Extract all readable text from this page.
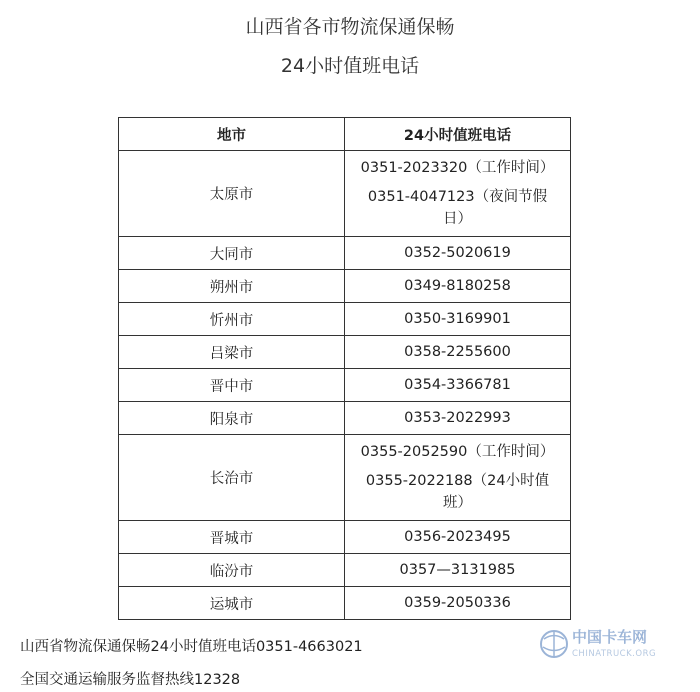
山西省各市物流保通保畅
24小时值班电话
地市	24小时值班电话
太原市	0351-2023320（工作时间）
0351-4047123（夜间节假日）

大同市	0352-5020619

朔州市	0349-8180258

忻州市	0350-3169901

吕梁市	0358-2255600

晋中市	0354-3366781

阳泉市	0353-2022993

长治市	0355-2052590（工作时间）
0355-2022188（24小时值班）

晋城市	0356-2023495

临汾市	0357—3131985

运城市	0359-2050336
山西省物流保通保畅24小时值班电话0351-4663021
全国交通运输服务监督热线12328
中国卡车网
CHINATRUCK.ORG
